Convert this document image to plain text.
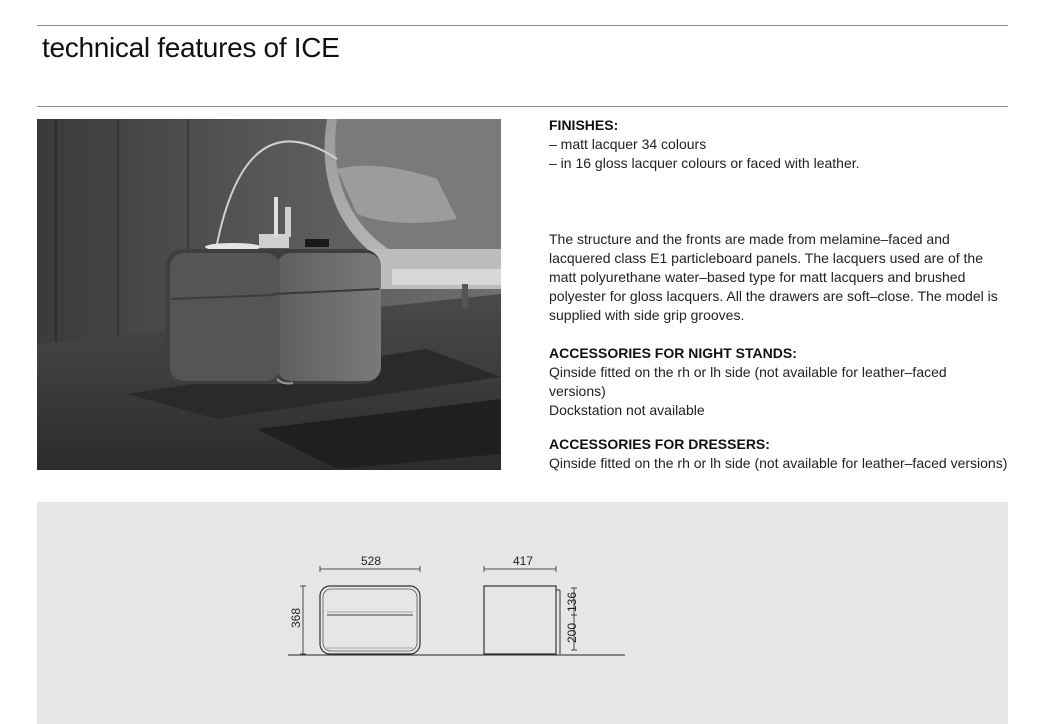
technical features of ICE

FINISHES:

– matt lacquer 34 colours

– in 16 gloss lacquer colours or faced with leather.

The structure and the fronts are made from melamine–faced and

lacquered class E1 particleboard panels. The lacquers used are of the

matt polyurethane water–based type for matt lacquers and brushed

polyester for gloss lacquers. All the drawers are soft–close. The model is

supplied with side grip grooves.

ACCESSORIES FOR NIGHT STANDS:

Qinside fitted on the rh or lh side (not available for leather–faced

versions)

Dockstation not available

ACCESSORIES FOR DRESSERS:

Qinside fitted on the rh or lh side (not available for leather–faced versions)

528
368
417
136
200
